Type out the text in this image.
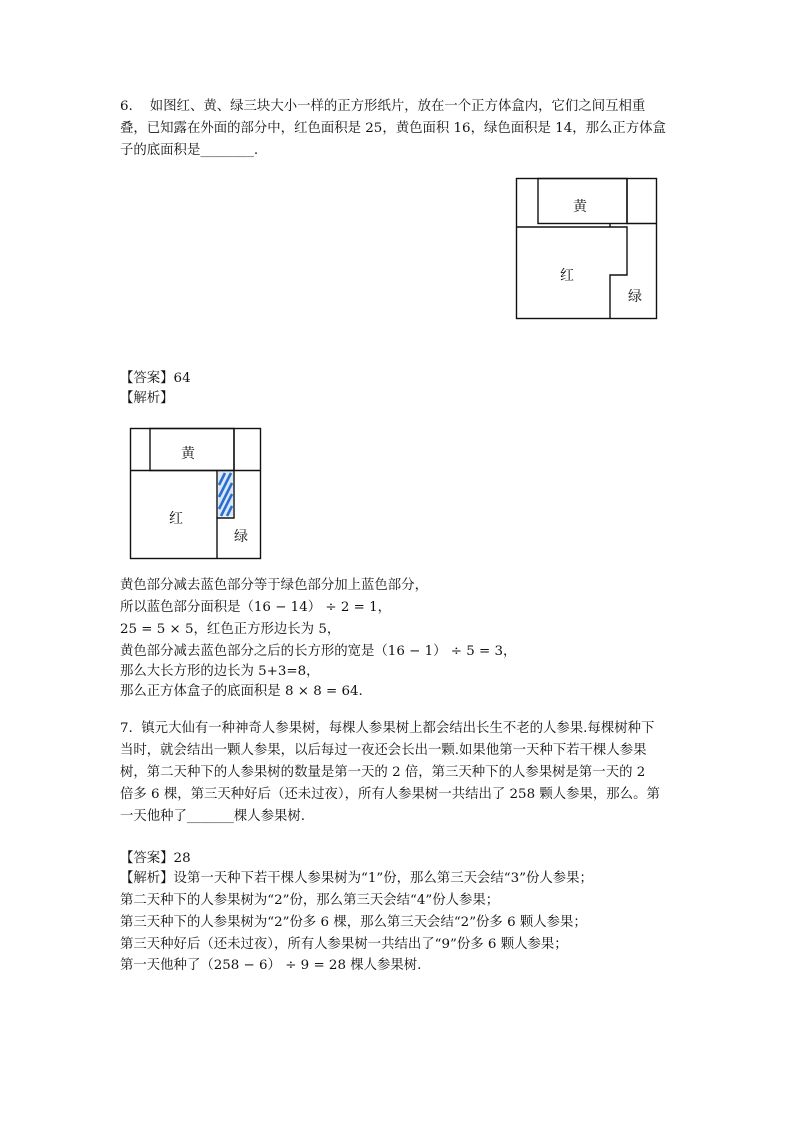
6.    如图红、黄、绿三块大小一样的正方形纸片，放在一个正方体盒内，它们之间互相重
叠，已知露在外面的部分中，红色面积是 25，黄色面积 16，绿色面积是 14，那么正方体盒
子的底面积是________.
黄
红
绿
【答案】64
【解析】
黄
红
绿
黄色部分减去蓝色部分等于绿色部分加上蓝色部分，
所以蓝色部分面积是（16 − 14） ÷ 2 = 1，
25 = 5 × 5，红色正方形边长为 5，
黄色部分减去蓝色部分之后的长方形的宽是（16 − 1） ÷ 5 = 3，
那么大长方形的边长为 5+3=8，
那么正方体盒子的底面积是 8 × 8 = 64.
7.  镇元大仙有一种神奇人参果树，每棵人参果树上都会结出长生不老的人参果.每棵树种下
当时，就会结出一颗人参果，以后每过一夜还会长出一颗.如果他第一天种下若干棵人参果
树，第二天种下的人参果树的数量是第一天的 2 倍，第三天种下的人参果树是第一天的 2
倍多 6 棵，第三天种好后（还未过夜），所有人参果树一共结出了 258 颗人参果，那么。第
一天他种了_______棵人参果树.
【答案】28
【解析】设第一天种下若干棵人参果树为“1”份，那么第三天会结“3”份人参果；
第二天种下的人参果树为“2”份，那么第三天会结“4”份人参果；
第三天种下的人参果树为“2”份多 6 棵，那么第三天会结“2”份多 6 颗人参果；
第三天种好后（还未过夜），所有人参果树一共结出了“9”份多 6 颗人参果；
第一天他种了（258 − 6） ÷ 9 = 28 棵人参果树.
